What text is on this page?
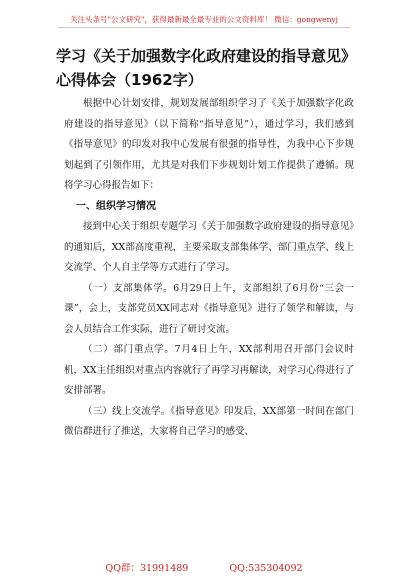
关注头条号"公文研究"，获得最新最全最专业的公文资料库！ 微信：gongwenyj
学习《关于加强数字化政府建设的指导意见》心得体会（1962字）

根据中心计划安排，规划发展部组织学习了《关于加强数字化政府建设的指导意见》（以下简称“指导意见”），通过学习，我们感到《指导意见》的印发对我中心发展有很强的指导性，为我中心下步规划起到了引领作用，尤其是对我们下步规划计划工作提供了遵循。现将学习心得报告如下：

一、组织学习情况

接到中心关于组织专题学习《关于加强数字政府建设的指导意见》的通知后，XX部高度重视，主要采取支部集体学、部门重点学、线上交流学、个人自主学等方式进行了学习。

（一）支部集体学。6月29日上午，支部组织了6月份“三会一课”，会上，支部党员XX同志对《指导意见》进行了领学和解读，与会人员结合工作实际，进行了研讨交流。

（二）部门重点学。7月4日上午，XX部利用召开部门会议时机，XX主任组织对重点内容就行了再学习再解读，对学习心得进行了安排部署。

（三）线上交流学。《指导意见》印发后，XX部第一时间在部门微信群进行了推送，大家将自己学习的感受、

QQ群：31991489	QQ:535304092
